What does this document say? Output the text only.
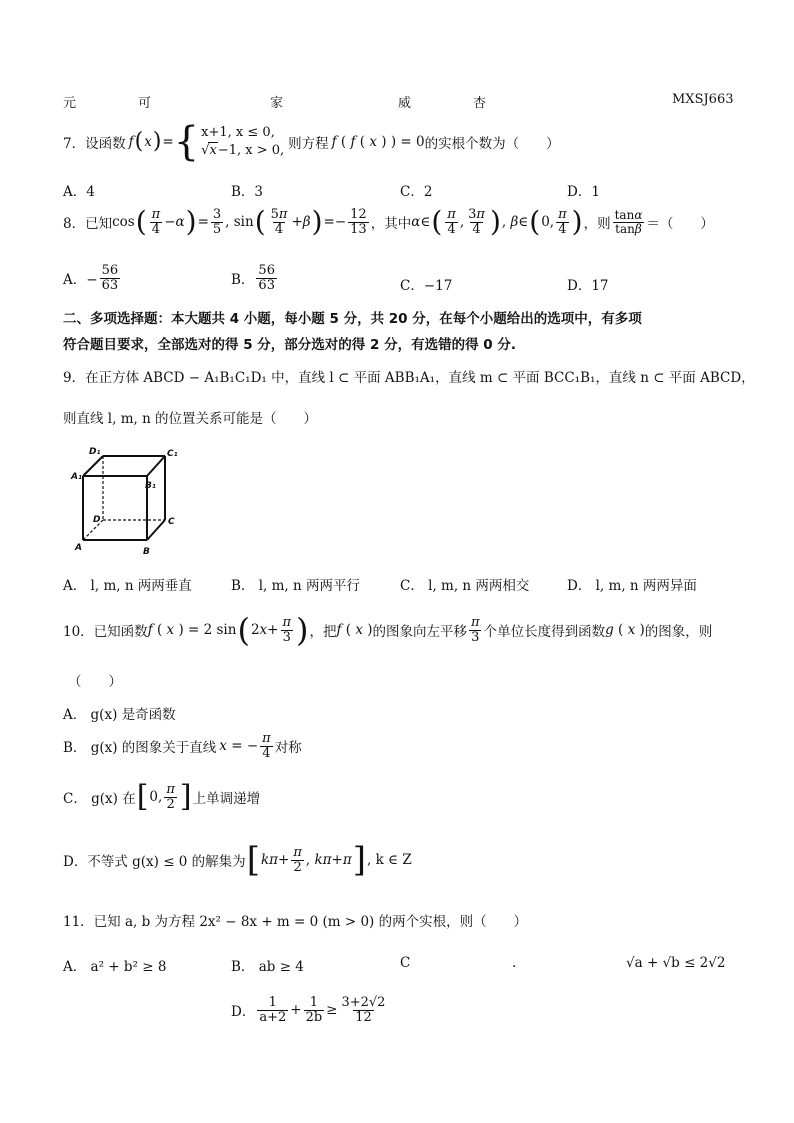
元	可	家	威	杏	MXSJ663
7． 设函数 f ( x ) = { x+1, x ≤ 0,
√x−1, x > 0, 则方程 f ( f ( x ) ) = 0 的实根个数为（　　）
A．4	B．3	C．2	D．1
8．已知 cos ( $\frac{\pi}{4} -\alpha$ ) = $\frac{3}{5}$ , sin ( $\frac{5\pi}{4} +\beta$ ) =− $\frac{12}{13}$ ，其中 α∈ ( $\frac{\pi}{4}$ , $\frac{3\pi}{4}$ ) , β∈ ( 0, $\frac{\pi}{4}$ ) ，则 $\frac{\tan\alpha}{\tan\beta}$ ＝（　　）
A．− $\frac{56}{63}$	B． $\frac{56}{63}$	C．−17	D．17
二、多项选择题：本大题共 4 小题，每小题 5 分，共 20 分，在每个小题给出的选项中，有多项
符合题目要求，全部选对的得 5 分，部分选对的得 2 分，有选错的得 0 分.
9．在正方体 ABCD − A₁B₁C₁D₁ 中，直线 l ⊂ 平面 ABB₁A₁，直线 m ⊂ 平面 BCC₁B₁，直线 n ⊂ 平面 ABCD，
则直线 l, m, n 的位置关系可能是（　　）
D₁	C₁
A₁
B₁
D	C
A	B
A． l, m, n 两两垂直	B． l, m, n 两两平行	C． l, m, n 两两相交	D． l, m, n 两两异面
10．已知函数 f ( x ) = 2 sin ( $2x+ \frac{\pi}{3}$ ) ，把 f ( x ) 的图象向左平移 $\frac{\pi}{3}$ 个单位长度得到函数 g ( x ) 的图象，则
（　　）
A． g(x) 是奇函数
B． g(x) 的图象关于直线 x = − $\frac{\pi}{4}$ 对称
C． g(x) 在 [ 0, $\frac{\pi}{2}$ ] 上单调递增
D．不等式 g(x) ≤ 0 的解集为 [ $k\pi+ \frac{\pi}{2}$ , kπ+π ] , k ∈ Z
11．已知 a, b 为方程 2x² − 8x + m = 0 (m > 0) 的两个实根，则（　　）
A． a² + b² ≥ 8	B． ab ≥ 4	C	.	√a + √b ≤ 2√2
D． $\frac{1}{a+2} + \frac{1}{2b} \ge \frac{3+2√2}{12}$
